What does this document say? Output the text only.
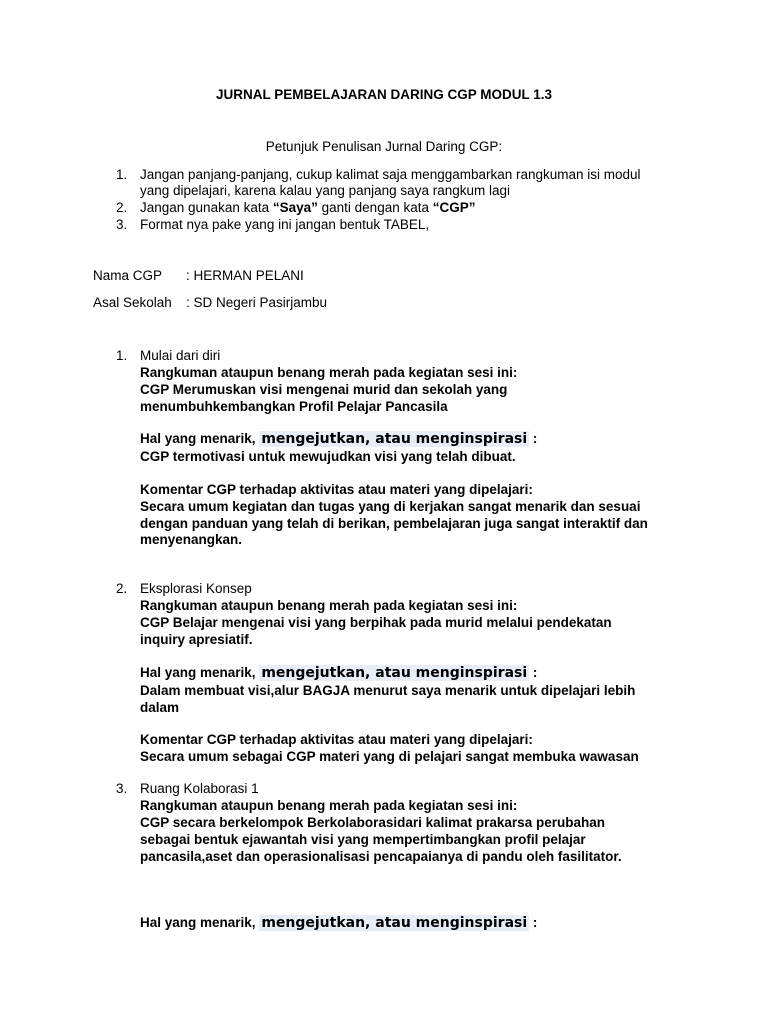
JURNAL PEMBELAJARAN DARING CGP MODUL 1.3
Petunjuk Penulisan Jurnal Daring CGP:
1. Jangan panjang-panjang, cukup kalimat saja menggambarkan rangkuman isi modul
yang dipelajari, karena kalau yang panjang saya rangkum lagi
2. Jangan gunakan kata “Saya” ganti dengan kata “CGP”
3. Format nya pake yang ini jangan bentuk TABEL,
Nama CGP : HERMAN PELANI
Asal Sekolah : SD Negeri Pasirjambu
1. Mulai dari diri
Rangkuman ataupun benang merah pada kegiatan sesi ini:
CGP Merumuskan visi mengenai murid dan sekolah yang
menumbuhkembangkan Profil Pelajar Pancasila
Hal yang menarik, mengejutkan, atau menginspirasi :
CGP termotivasi untuk mewujudkan visi yang telah dibuat.
Komentar CGP terhadap aktivitas atau materi yang dipelajari:
Secara umum kegiatan dan tugas yang di kerjakan sangat menarik dan sesuai
dengan panduan yang telah di berikan, pembelajaran juga sangat interaktif dan
menyenangkan.
2. Eksplorasi Konsep
Rangkuman ataupun benang merah pada kegiatan sesi ini:
CGP Belajar mengenai visi yang berpihak pada murid melalui pendekatan
inquiry apresiatif.
Hal yang menarik, mengejutkan, atau menginspirasi :
Dalam membuat visi,alur BAGJA menurut saya menarik untuk dipelajari lebih
dalam
Komentar CGP terhadap aktivitas atau materi yang dipelajari:
Secara umum sebagai CGP materi yang di pelajari sangat membuka wawasan
3. Ruang Kolaborasi 1
Rangkuman ataupun benang merah pada kegiatan sesi ini:
CGP secara berkelompok Berkolaborasidari kalimat prakarsa perubahan
sebagai bentuk ejawantah visi yang mempertimbangkan profil pelajar
pancasila,aset dan operasionalisasi pencapaianya di pandu oleh fasilitator.
Hal yang menarik, mengejutkan, atau menginspirasi :
